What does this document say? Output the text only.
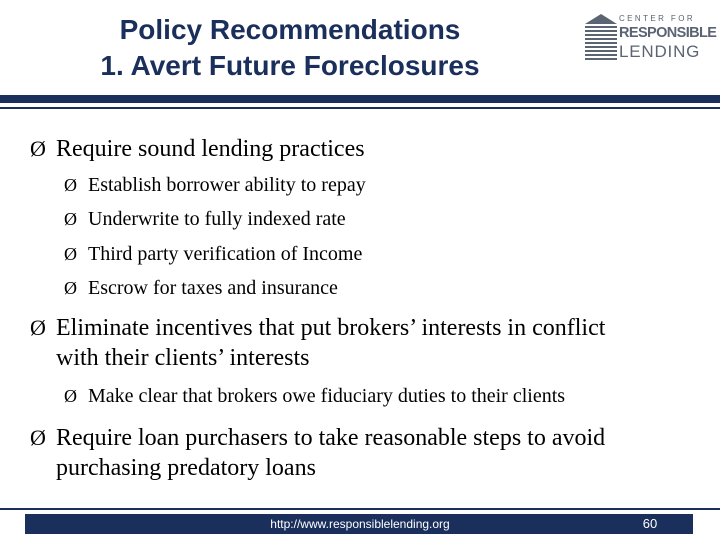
Policy Recommendations
1. Avert Future Foreclosures
CENTER FOR
RESPONSIBLE
LENDING
Ø Require sound lending practices
Ø Establish borrower ability to repay
Ø Underwrite to fully indexed rate
Ø Third party verification of Income
Ø Escrow for taxes and insurance
Ø Eliminate incentives that put brokers’ interests in conflict with their clients’ interests
Ø Make clear that brokers owe fiduciary duties to their clients
Ø Require loan purchasers to take reasonable steps to avoid purchasing predatory loans
http://www.responsiblelending.org	60
